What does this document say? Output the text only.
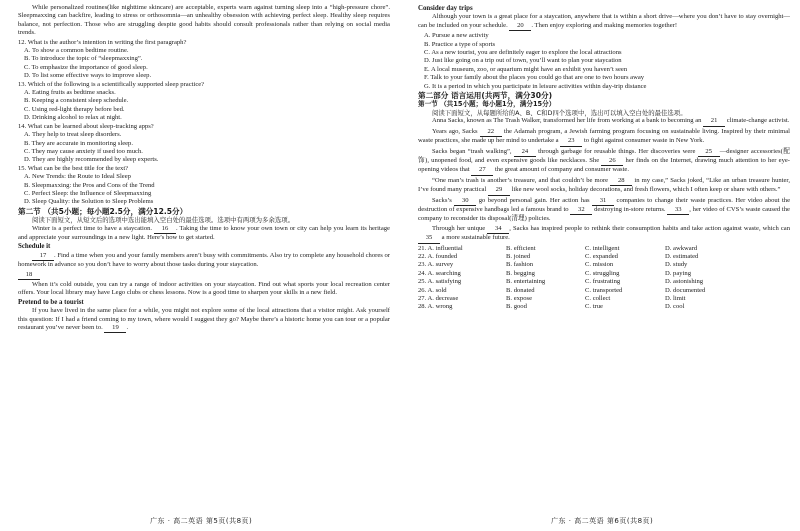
While personalized routines(like nighttime skincare) are acceptable, experts warn against turning sleep into a “high-pressure chore”. Sleepmaxxing can backfire, leading to stress or orthosomnia—an unhealthy obsession with achieving perfect sleep. Healthy sleep requires balance, not perfection. Those who are struggling despite good habits should consult professionals rather than relying on social media trends.

12. What is the author’s intention in writing the first paragraph?

A. To show a common bedtime routine.

B. To introduce the topic of “sleepmaxxing”.

C. To emphasize the importance of good sleep.

D. To list some effective ways to improve sleep.

13. Which of the following is a scientifically supported sleep practice?

A. Eating fruits as bedtime snacks.

B. Keeping a consistent sleep schedule.

C. Using red-light therapy before bed.

D. Drinking alcohol to relax at night.

14. What can be learned about sleep-tracking apps?

A. They help to treat sleep disorders.

B. They are accurate in monitoring sleep.

C. They may cause anxiety if used too much.

D. They are highly recommended by sleep experts.

15. What can be the best title for the text?

A. New Trends: the Route to Ideal Sleep

B. Sleepmaxxing: the Pros and Cons of the Trend

C. Perfect Sleep: the Influence of Sleepmaxxing

D. Sleep Quality: the Solution to Sleep Problems

第二节 （共5小题；每小题2.5分，满分12.5分）

阅读下面短文，从短文后的选项中选出能填入空白处的最佳选项。选项中有两项为多余选项。

Winter is a perfect time to have a staycation. 16 . Taking the time to know your own town or city can help you learn its heritage and appreciate your surroundings in a new light. Here’s how to get started.

Schedule it

17 . Find a time when you and your family members aren’t busy with commitments. Also try to complete any household chores or homework in advance so you don’t have to worry about those tasks during your staycation.

18

When it’s cold outside, you can try a range of indoor activities on your staycation. Find out what sports your local recreation center offers. Your local library may have Lego clubs or chess lessons. Now is a good time to sharpen your skills in a new field.

Pretend to be a tourist

If you have lived in the same place for a while, you might not explore some of the local attractions that a visitor might. Ask yourself this question: If I had a friend coming to my town, where would I suggest they go? Maybe there’s a historic home you can tour or a popular restaurant you’ve never been to. 19 .

广东 · 高二英语 第5页(共8页)

Consider day trips

Although your town is a great place for a staycation, anywhere that is within a short drive—where you don’t have to stay overnight—can be included on your schedule. 20 . Then enjoy exploring and making memories together!

A. Pursue a new activity

B. Practice a type of sports

C. As a new tourist, you are definitely eager to explore the local attractions

D. Just like going on a trip out of town, you’ll want to plan your staycation

E. A local museum, zoo, or aquarium might have an exhibit you haven’t seen

F. Talk to your family about the places you could go that are one to two hours away

G. It is a period in which you participate in leisure activities within day-trip distance

第二部分 语言运用(共两节，满分30分)

第一节 （共15小题；每小题1分，满分15分）

阅读下面短文，从每题所给的A、B、C和D四个选项中，选出可以填入空白处的最佳选项。

Anna Sacks, known as The Trash Walker, transformed her life from working at a bank to becoming an 21 climate-change activist.

Years ago, Sacks 22 the Adamah program, a Jewish farming program focusing on sustainable living. Inspired by their minimal waste practices, she made up her mind to undertake a 23 to fight against consumer waste in New York.

Sacks began “trash walking”, 24 through garbage for reusable things. Her discoveries were 25 —designer accessories(配饰), unopened food, and even expensive goods like necklaces. She 26 her finds on the Internet, drawing much attention to her eye-opening videos that 27 the great amount of company and consumer waste.

“One man’s trash is another’s treasure, and that couldn’t be more 28 in my case,” Sacks joked, “Like an urban treasure hunter, I’ve found many practical 29 like new wool socks, holiday decorations, and fresh flowers, which I often keep or share with others.”

Sacks’s 30 go beyond personal gain. Her action has 31 companies to change their waste practices. Her video about the destruction of expensive handbags led a famous brand to 32 destroying in-store returns. 33 , her video of CVS’s waste caused the company to reconsider its disposal(清理) policies.

Through her unique 34 , Sacks has inspired people to rethink their consumption habits and take action against waste, which can 35 a more sustainable future.

21. A. influential	B. efficient	C. intelligent	D. awkward
22. A. founded	B. joined	C. expanded	D. estimated
23. A. survey	B. fashion	C. mission	D. study
24. A. searching	B. begging	C. struggling	D. paying
25. A. satisfying	B. entertaining	C. frustrating	D. astonishing
26. A. sold	B. donated	C. transported	D. documented
27. A. decrease	B. expose	C. collect	D. limit
28. A. wrong	B. good	C. true	D. cool
广东 · 高二英语 第6页(共8页)
